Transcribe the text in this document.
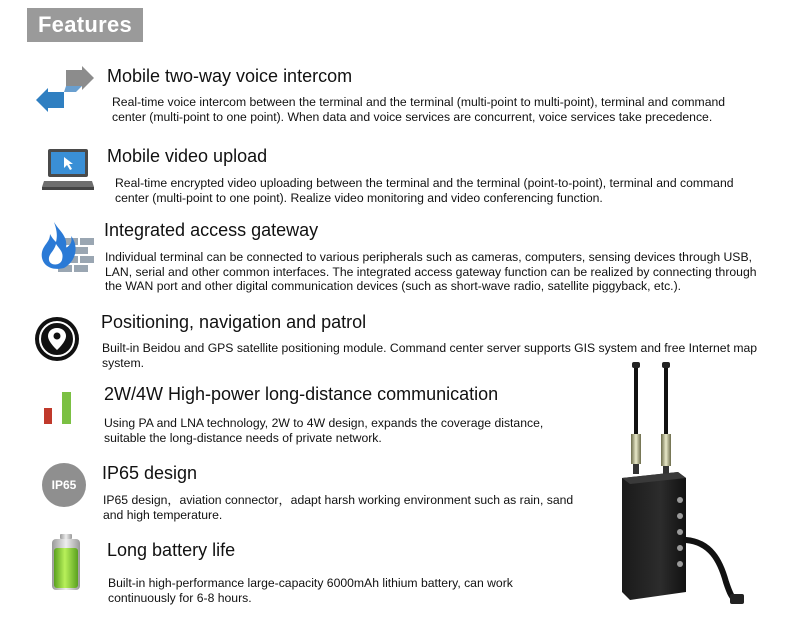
Features
Mobile two-way voice intercom
Real-time voice intercom between the terminal and the terminal (multi-point to multi-point), terminal and command center (multi-point to one point). When data and voice services are concurrent, voice services take precedence.
Mobile video upload
Real-time encrypted video uploading between the terminal and the terminal (point-to-point), terminal and command center (multi-point to one point). Realize video monitoring and video conferencing function.
Integrated access gateway
Individual terminal can be connected to various peripherals such as cameras, computers, sensing devices through USB, LAN, serial and other common interfaces. The integrated access gateway function can be realized by connecting through the WAN port and other digital communication devices (such as short-wave radio, satellite piggyback, etc.).
Positioning, navigation and patrol
Built-in Beidou and GPS satellite positioning module. Command center server supports GIS system and free Internet map system.
2W/4W High-power long-distance communication
Using PA and LNA technology, 2W to 4W design, expands the coverage distance, suitable the long-distance needs of private network.
IP65
IP65 design
IP65 design，aviation connector，adapt harsh working environment such as rain, sand and high temperature.
Long battery life
Built-in high-performance large-capacity 6000mAh lithium battery, can work continuously for 6-8 hours.
